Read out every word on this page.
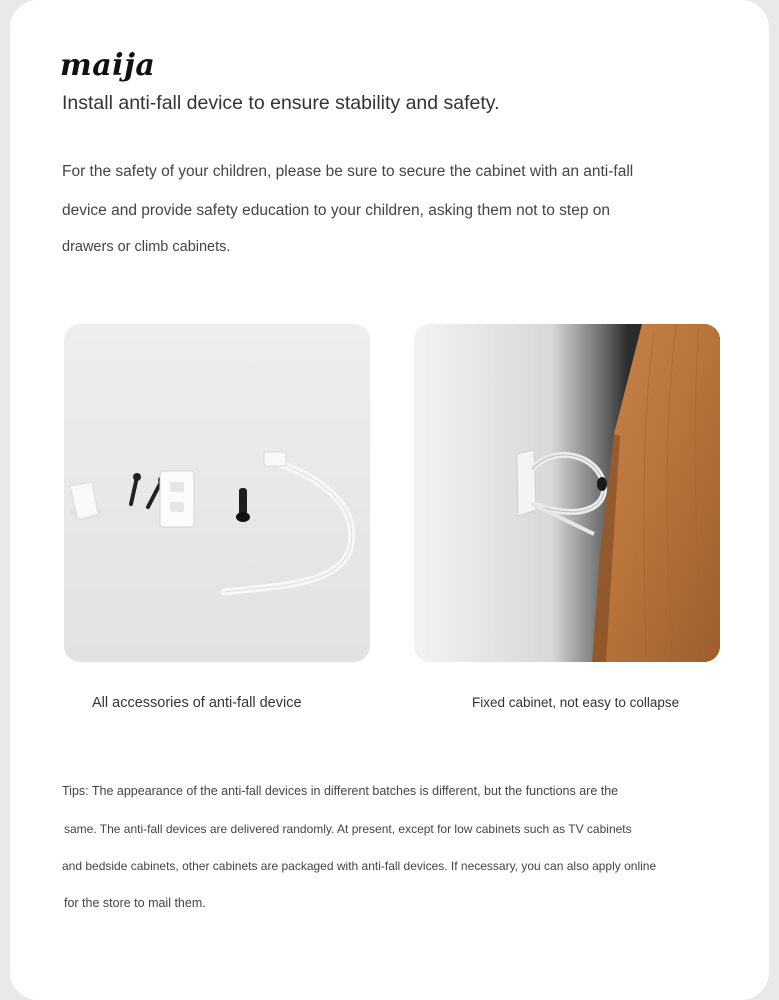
maija
Install anti-fall device to ensure stability and safety.
For the safety of your children, please be sure to secure the cabinet with an anti-fall
device and provide safety education to your children, asking them not to step on
drawers or climb cabinets.
All accessories of anti-fall device	Fixed cabinet, not easy to collapse
Tips: The appearance of the anti-fall devices in different batches is different, but the functions are the
same. The anti-fall devices are delivered randomly. At present, except for low cabinets such as TV cabinets
and bedside cabinets, other cabinets are packaged with anti-fall devices. If necessary, you can also apply online
for the store to mail them.
